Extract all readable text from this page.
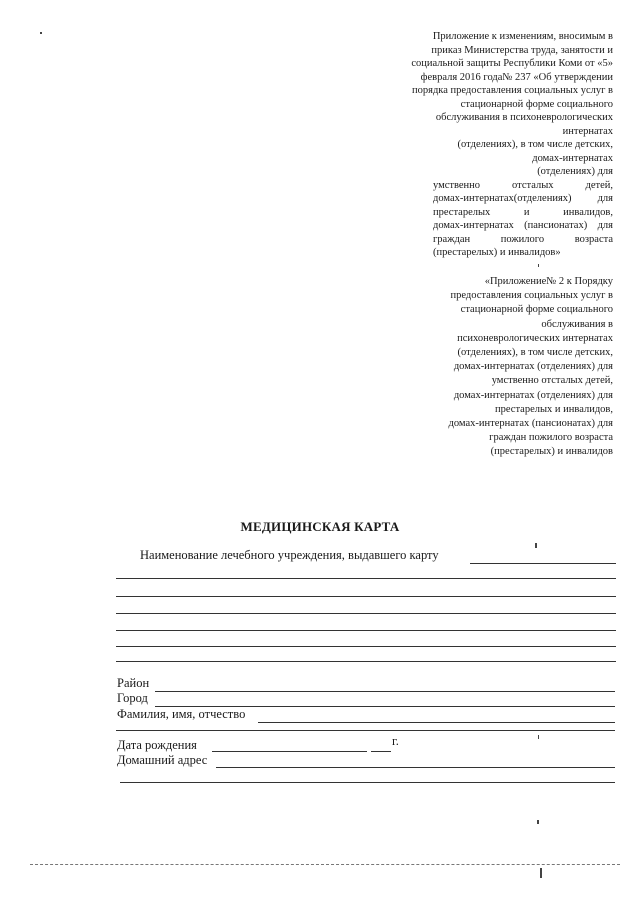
Приложение к изменениям, вносимым в
приказ Министерства труда, занятости и
социальной защиты Республики Коми от «5»
февраля 2016 года№ 237 «Об утверждении
порядка предоставления социальных услуг в
стационарной форме социального
обслуживания в психоневрологических
интернатах
(отделениях), в том числе детских,
домах-интернатах
(отделениях) для
умственно отсталых детей,
домах-интернатах(отделениях) для
престарелых и инвалидов,
домах-интернатах (пансионатах) для
граждан пожилого возраста
(престарелых) и инвалидов»
«Приложение№ 2 к Порядку
предоставления социальных услуг в
стационарной форме социального
обслуживания в
психоневрологических интернатах
(отделениях), в том числе детских,
домах-интернатах (отделениях) для
умственно отсталых детей,
домах-интернатах (отделениях) для
престарелых и инвалидов,
домах-интернатах (пансионатах) для
граждан пожилого возраста
(престарелых) и инвалидов
МЕДИЦИНСКАЯ КАРТА
Наименование лечебного учреждения, выдавшего карту
Район
Город
Фамилия, имя, отчество
Дата рождения	г.
Домашний адрес
